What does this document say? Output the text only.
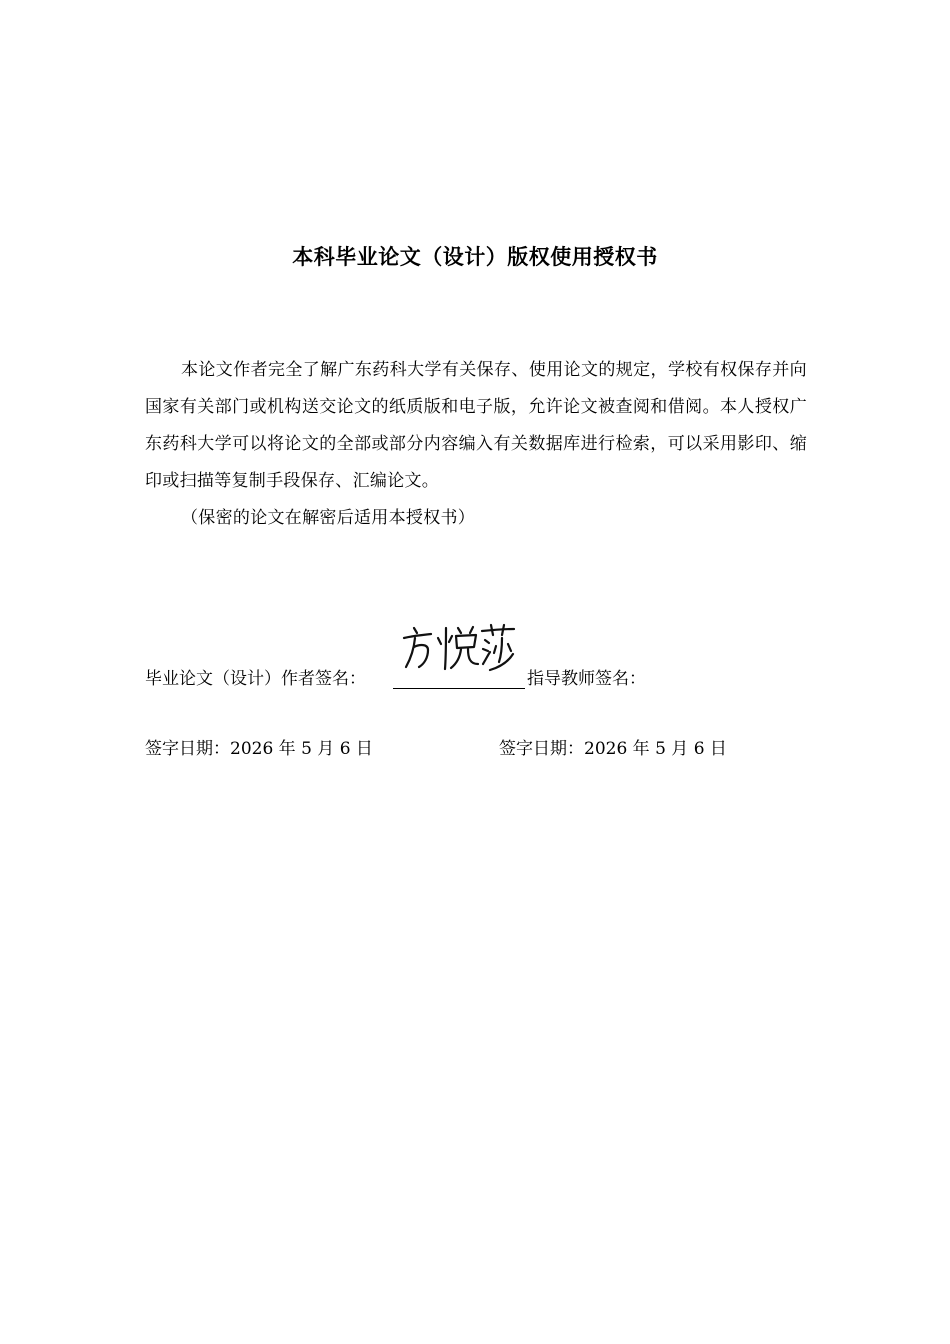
本科毕业论文（设计）版权使用授权书

本论文作者完全了解广东药科大学有关保存、使用论文的规定，学校有权保存并向国家有关部门或机构送交论文的纸质版和电子版，允许论文被查阅和借阅。本人授权广东药科大学可以将论文的全部或部分内容编入有关数据库进行检索，可以采用影印、缩印或扫描等复制手段保存、汇编论文。

（保密的论文在解密后适用本授权书）

毕业论文（设计）作者签名：	指导教师签名：
签字日期：2026 年 5 月 6 日	签字日期：2026 年 5 月 6 日
